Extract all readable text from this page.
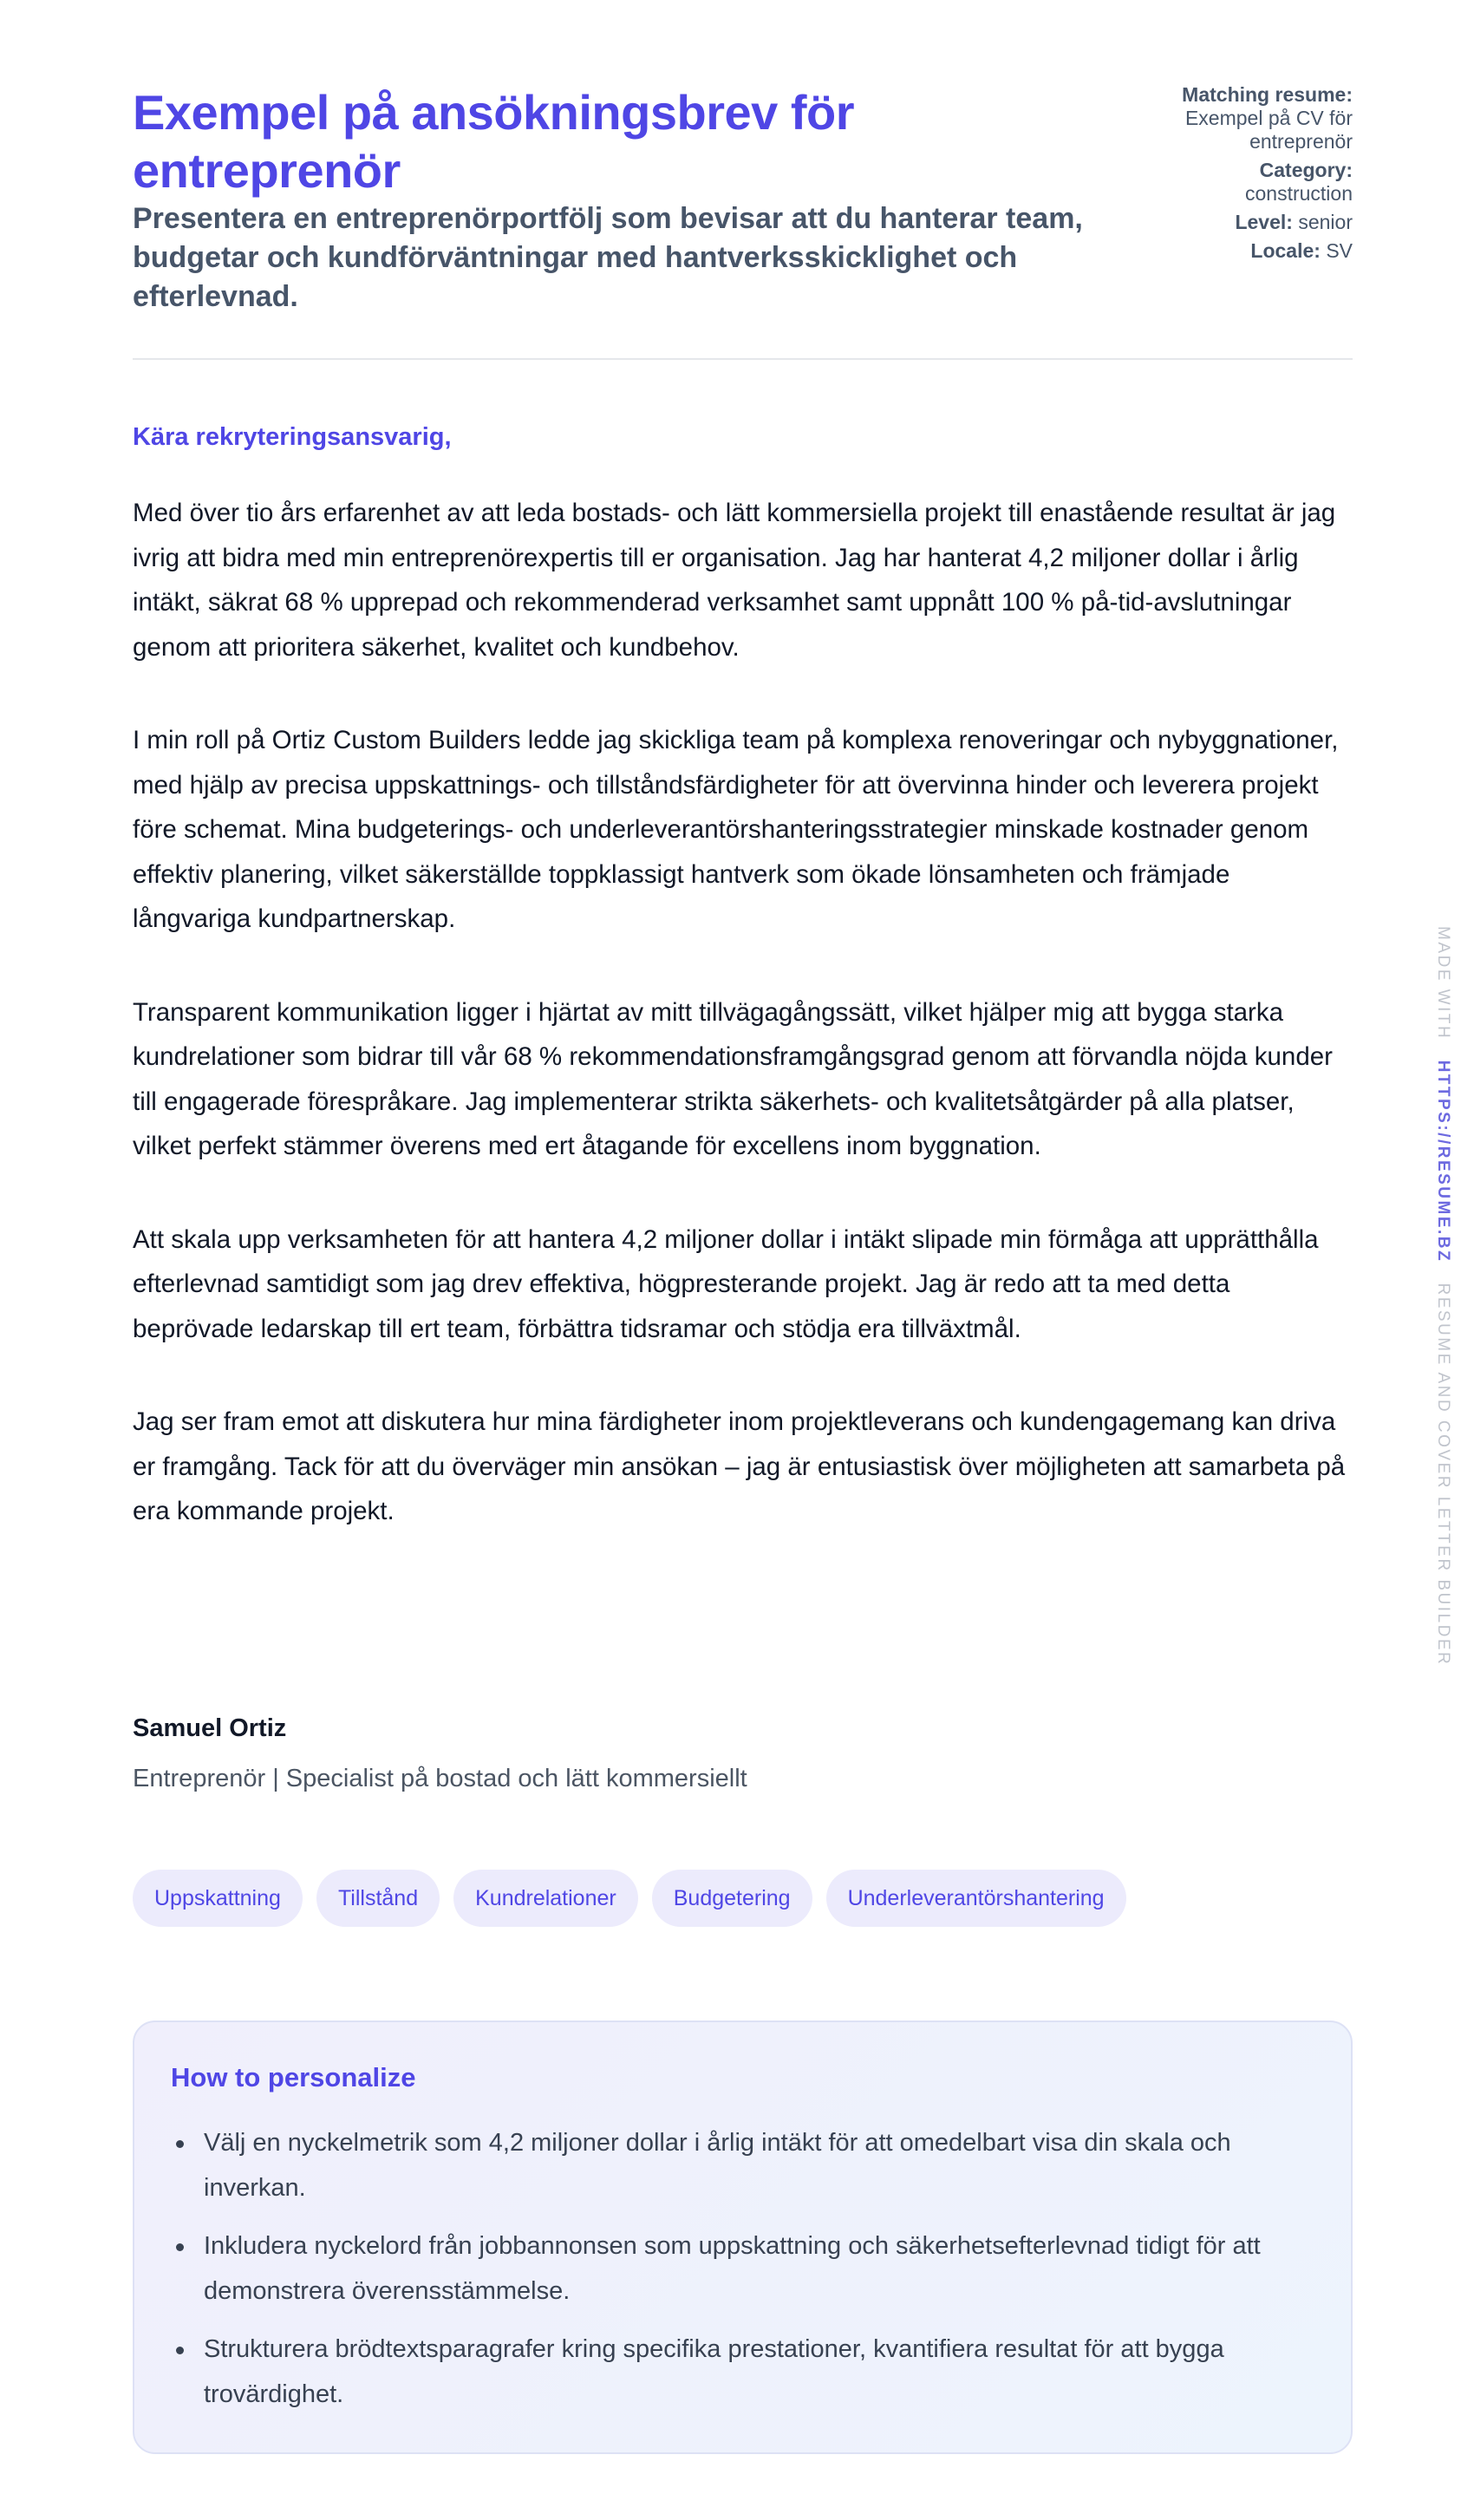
Exempel på ansökningsbrev för entreprenör
Presentera en entreprenörportfölj som bevisar att du hanterar team, budgetar och kundförväntningar med hantverksskicklighet och efterlevnad.
Matching resume:
Exempel på CV för entreprenör
Category:
construction
Level: senior
Locale: SV
Kära rekryteringsansvarig,

Med över tio års erfarenhet av att leda bostads- och lätt kommersiella projekt till enastående resultat är jag ivrig att bidra med min entreprenörexpertis till er organisation. Jag har hanterat 4,2 miljoner dollar i årlig intäkt, säkrat 68 % upprepad och rekommenderad verksamhet samt uppnått 100 % på-tid-avslutningar genom att prioritera säkerhet, kvalitet och kundbehov.

I min roll på Ortiz Custom Builders ledde jag skickliga team på komplexa renoveringar och nybyggnationer, med hjälp av precisa uppskattnings- och tillståndsfärdigheter för att övervinna hinder och leverera projekt före schemat. Mina budgeterings- och underleverantörshanteringsstrategier minskade kostnader genom effektiv planering, vilket säkerställde toppklassigt hantverk som ökade lönsamheten och främjade långvariga kundpartnerskap.

Transparent kommunikation ligger i hjärtat av mitt tillvägagångssätt, vilket hjälper mig att bygga starka kundrelationer som bidrar till vår 68 % rekommendationsframgångsgrad genom att förvandla nöjda kunder till engagerade förespråkare. Jag implementerar strikta säkerhets- och kvalitetsåtgärder på alla platser, vilket perfekt stämmer överens med ert åtagande för excellens inom byggnation.

Att skala upp verksamheten för att hantera 4,2 miljoner dollar i intäkt slipade min förmåga att upprätthålla efterlevnad samtidigt som jag drev effektiva, högpresterande projekt. Jag är redo att ta med detta beprövade ledarskap till ert team, förbättra tidsramar och stödja era tillväxtmål.

Jag ser fram emot att diskutera hur mina färdigheter inom projektleverans och kundengagemang kan driva er framgång. Tack för att du överväger min ansökan – jag är entusiastisk över möjligheten att samarbeta på era kommande projekt.

Samuel Ortiz
Entreprenör | Specialist på bostad och lätt kommersiellt
Uppskattning	Tillstånd	Kundrelationer	Budgetering	Underleverantörshantering
How to personalize
Välj en nyckelmetrik som 4,2 miljoner dollar i årlig intäkt för att omedelbart visa din skala och inverkan.
Inkludera nyckelord från jobbannonsen som uppskattning och säkerhetsefterlevnad tidigt för att demonstrera överensstämmelse.
Strukturera brödtextsparagrafer kring specifika prestationer, kvantifiera resultat för att bygga trovärdighet.
MADE WITH   HTTPS://RESUME.BZ   RESUME AND COVER LETTER BUILDER
